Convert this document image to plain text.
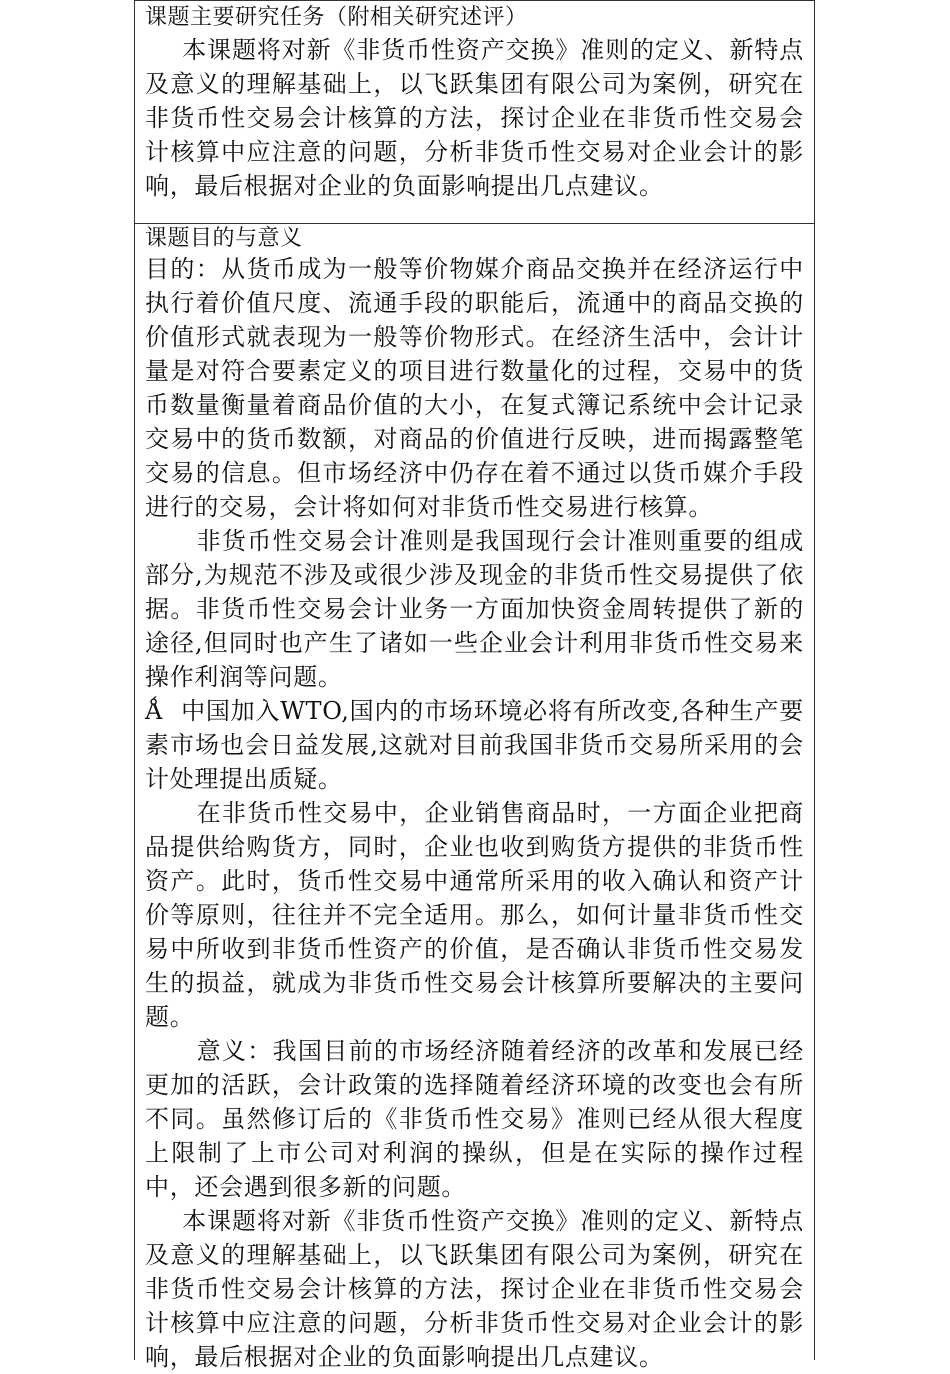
课题主要研究任务（附相关研究述评）

本课题将对新《非货币性资产交换》准则的定义、新特点及意义的理解基础上，以飞跃集团有限公司为案例，研究在非货币性交易会计核算的方法，探讨企业在非货币性交易会计核算中应注意的问题，分析非货币性交易对企业会计的影响，最后根据对企业的负面影响提出几点建议。

课题目的与意义

目的：从货币成为一般等价物媒介商品交换并在经济运行中执行着价值尺度、流通手段的职能后，流通中的商品交换的价值形式就表现为一般等价物形式。在经济生活中，会计计量是对符合要素定义的项目进行数量化的过程，交易中的货币数量衡量着商品价值的大小，在复式簿记系统中会计记录交易中的货币数额，对商品的价值进行反映，进而揭露整笔交易的信息。但市场经济中仍存在着不通过以货币媒介手段进行的交易，会计将如何对非货币性交易进行核算。

非货币性交易会计准则是我国现行会计准则重要的组成部分,为规范不涉及或很少涉及现金的非货币性交易提供了依据。非货币性交易会计业务一方面加快资金周转提供了新的途径,但同时也产生了诸如一些企业会计利用非货币性交易来操作利润等问题。

Ǻ 中国加入WTO,国内的市场环境必将有所改变,各种生产要素市场也会日益发展,这就对目前我国非货币交易所采用的会计处理提出质疑。

在非货币性交易中，企业销售商品时，一方面企业把商品提供给购货方，同时，企业也收到购货方提供的非货币性资产。此时，货币性交易中通常所采用的收入确认和资产计价等原则，往往并不完全适用。那么，如何计量非货币性交易中所收到非货币性资产的价值，是否确认非货币性交易发生的损益，就成为非货币性交易会计核算所要解决的主要问题。

意义：我国目前的市场经济随着经济的改革和发展已经更加的活跃，会计政策的选择随着经济环境的改变也会有所不同。虽然修订后的《非货币性交易》准则已经从很大程度上限制了上市公司对利润的操纵，但是在实际的操作过程中，还会遇到很多新的问题。

本课题将对新《非货币性资产交换》准则的定义、新特点及意义的理解基础上，以飞跃集团有限公司为案例，研究在非货币性交易会计核算的方法，探讨企业在非货币性交易会计核算中应注意的问题，分析非货币性交易对企业会计的影响，最后根据对企业的负面影响提出几点建议。
